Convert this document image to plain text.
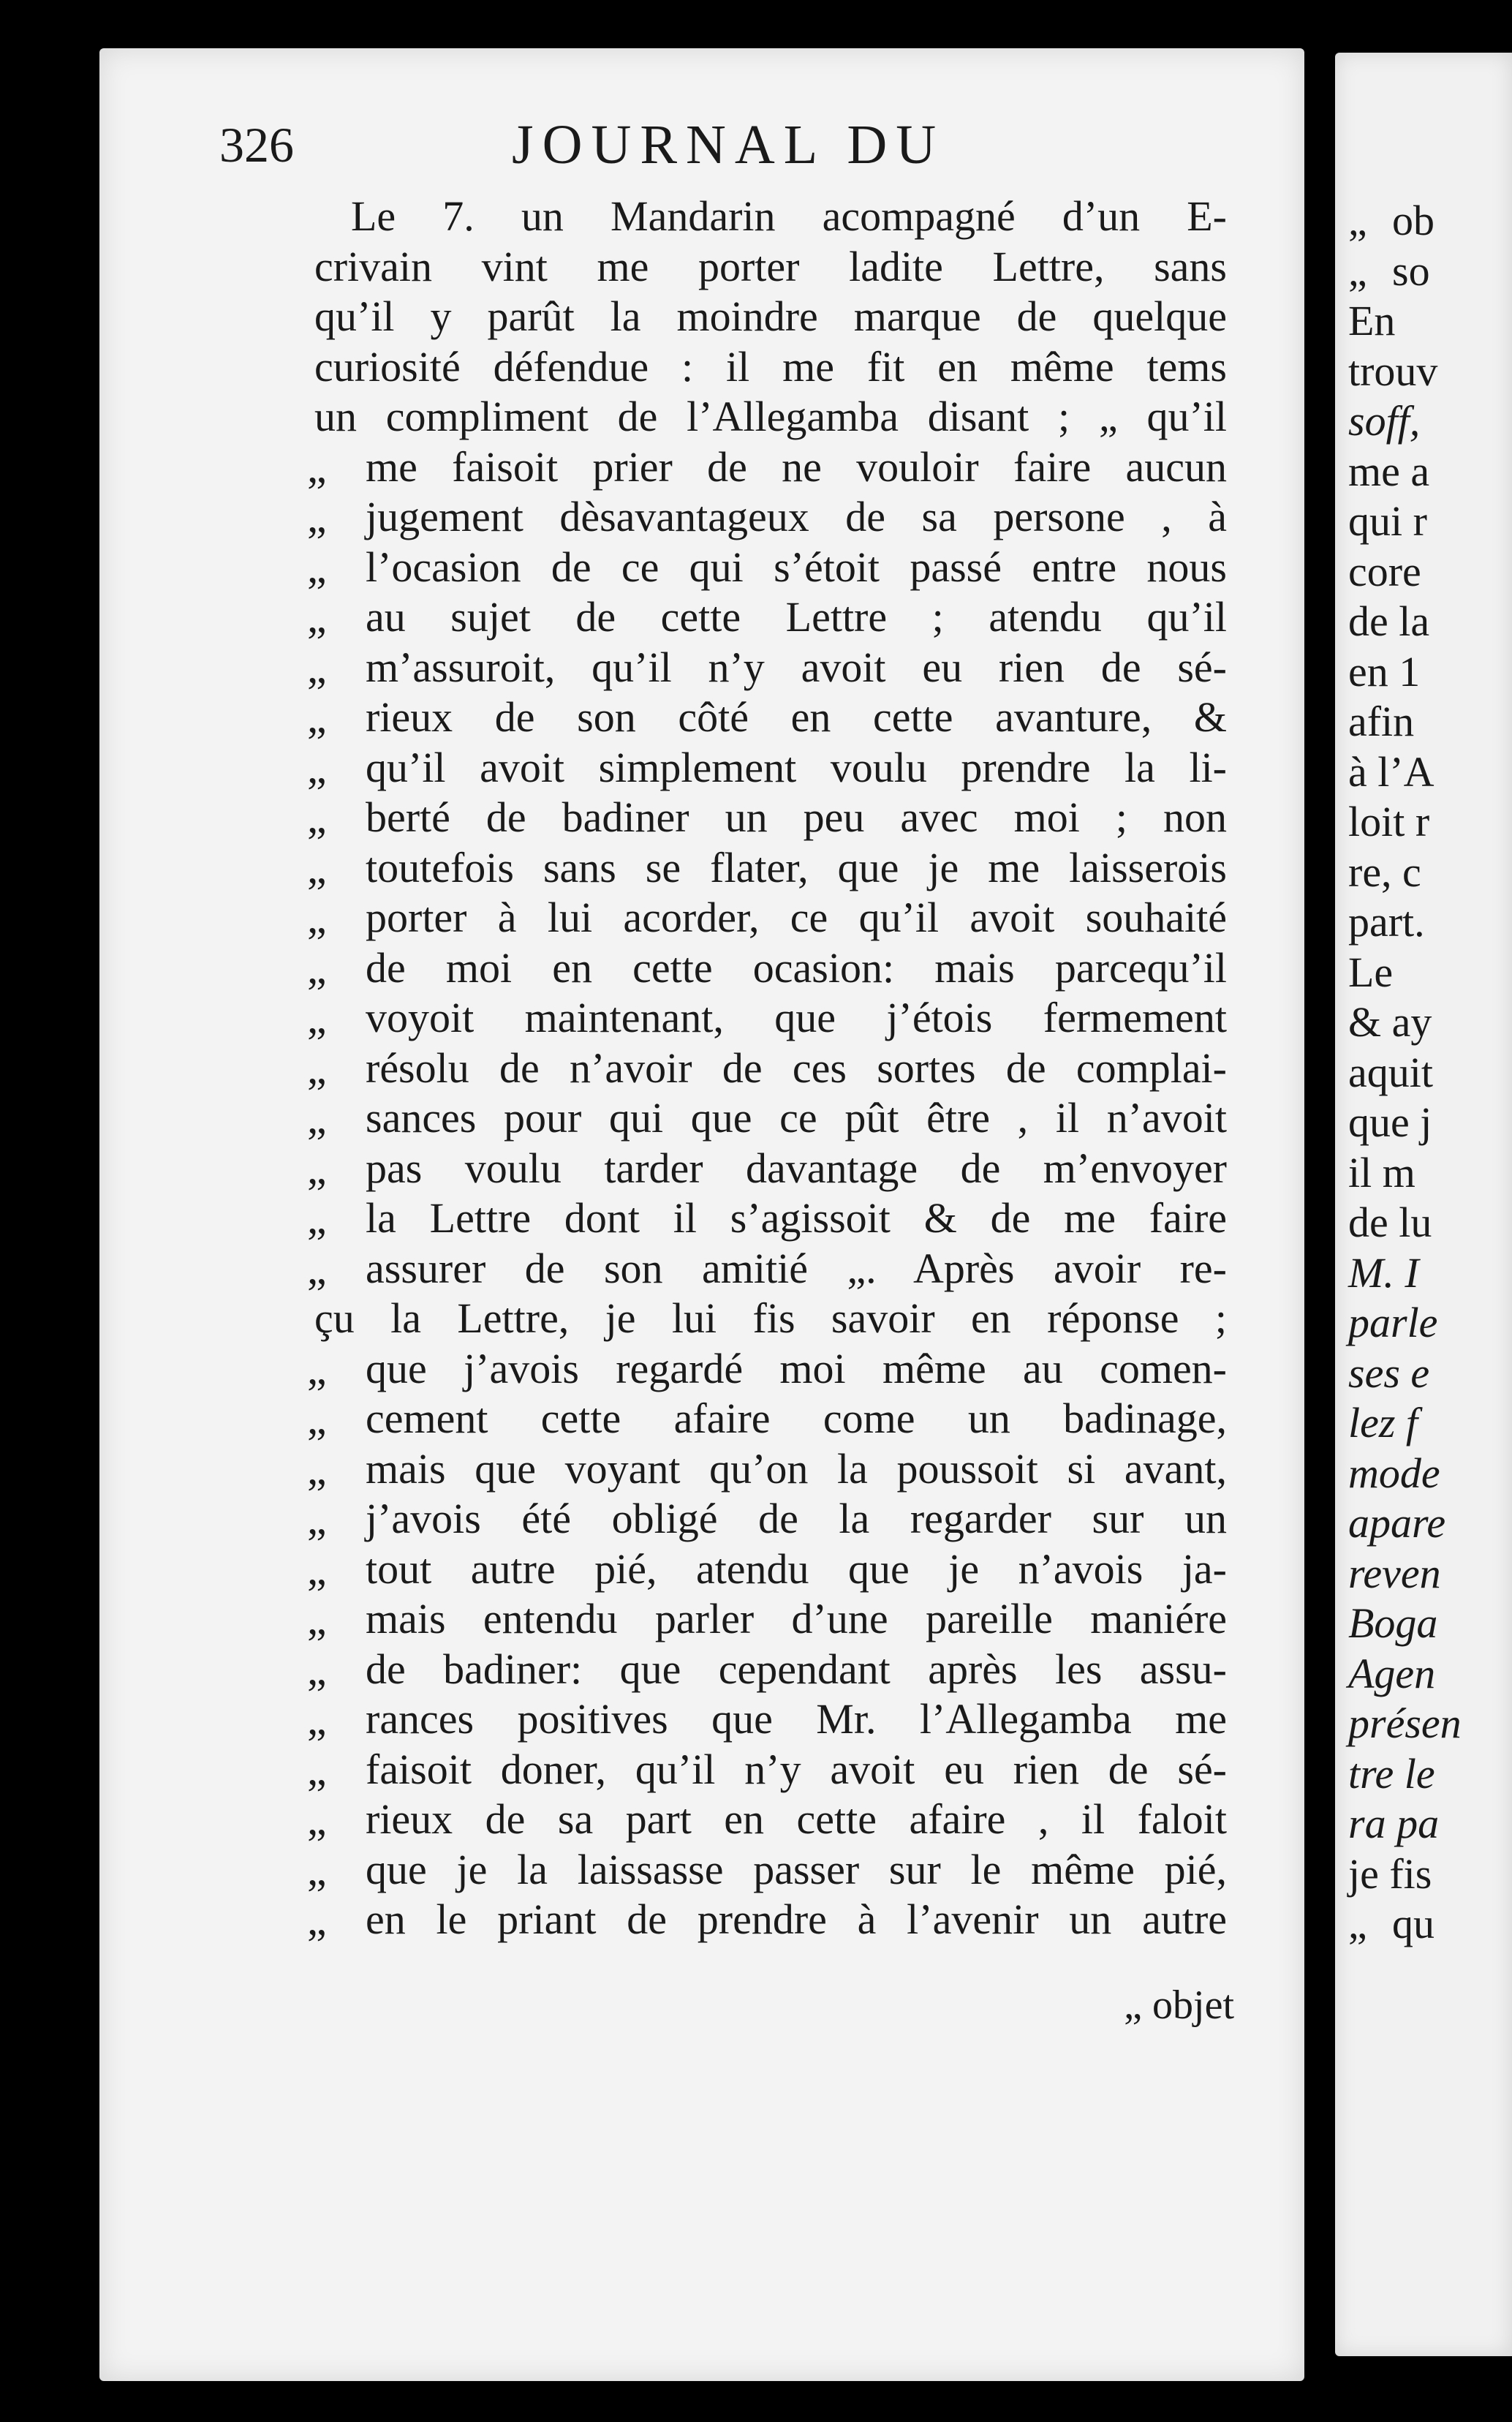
„ ob
„ so
En
trouv
soff,
me a
qui r
core
de la
en 1
afin
à l’A
loit r
re, c
part.
Le
& ay
aquit
que j
il m
de lu
M. I
parle
ses e
lez f
mode
apare
reven
Boga
Agen
présen
tre le
ra pa
je fis
„ qu
326	JOURNAL DU
Le 7. un Mandarin acompagné d’un E-
crivain vint me porter ladite Lettre, sans
qu’il y parût la moindre marque de quelque
curiosité défendue : il me fit en même tems
un compliment de l’Allegamba disant ; „ qu’il
„ me faisoit prier de ne vouloir faire aucun
„ jugement dèsavantageux de sa persone , à
„ l’ocasion de ce qui s’étoit passé entre nous
„ au sujet de cette Lettre ; atendu qu’il
„ m’assuroit, qu’il n’y avoit eu rien de sé-
„ rieux de son côté en cette avanture, &
„ qu’il avoit simplement voulu prendre la li-
„ berté de badiner un peu avec moi ; non
„ toutefois sans se flater, que je me laisserois
„ porter à lui acorder, ce qu’il avoit souhaité
„ de moi en cette ocasion: mais parcequ’il
„ voyoit maintenant, que j’étois fermement
„ résolu de n’avoir de ces sortes de complai-
„ sances pour qui que ce pût être , il n’avoit
„ pas voulu tarder davantage de m’envoyer
„ la Lettre dont il s’agissoit & de me faire
„ assurer de son amitié „. Après avoir re-
çu la Lettre, je lui fis savoir en réponse ;
„ que j’avois regardé moi même au comen-
„ cement cette afaire come un badinage,
„ mais que voyant qu’on la poussoit si avant,
„ j’avois été obligé de la regarder sur un
„ tout autre pié, atendu que je n’avois ja-
„ mais entendu parler d’une pareille maniére
„ de badiner: que cependant après les assu-
„ rances positives que Mr. l’Allegamba me
„ faisoit doner, qu’il n’y avoit eu rien de sé-
„ rieux de sa part en cette afaire , il faloit
„ que je la laissasse passer sur le même pié,
„ en le priant de prendre à l’avenir un autre
„ objet
